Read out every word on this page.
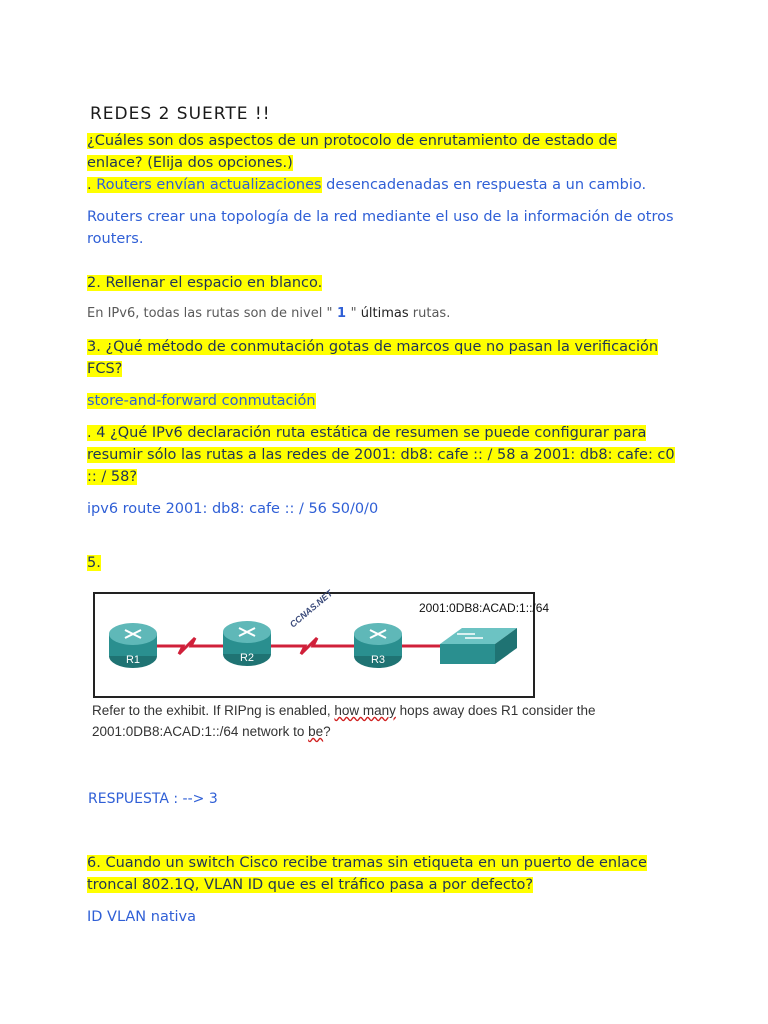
REDES 2 SUERTE !!
¿Cuáles son dos aspectos de un protocolo de enrutamiento de estado de
enlace? (Elija dos opciones.)
. Routers envían actualizaciones desencadenadas en respuesta a un cambio.
Routers crear una topología de la red mediante el uso de la información de otros
routers.
2. Rellenar el espacio en blanco.
En IPv6, todas las rutas son de nivel " 1 " últimas rutas.
3. ¿Qué método de conmutación gotas de marcos que no pasan la verificación
FCS?
store-and-forward conmutación
. 4 ¿Qué IPv6 declaración ruta estática de resumen se puede configurar para
resumir sólo las rutas a las redes de 2001: db8: cafe :: / 58 a 2001: db8: cafe: c0
:: / 58?
ipv6 route 2001: db8: cafe :: / 56 S0/0/0
5.
R1	R2	R3
2001:0DB8:ACAD:1::/64
CCNAS.NET
Refer to the exhibit. If RIPng is enabled, how many hops away does R1 consider the
2001:0DB8:ACAD:1::/64 network to be?
RESPUESTA : --> 3
6. Cuando un switch Cisco recibe tramas sin etiqueta en un puerto de enlace
troncal 802.1Q, VLAN ID que es el tráfico pasa a por defecto?
ID VLAN nativa
